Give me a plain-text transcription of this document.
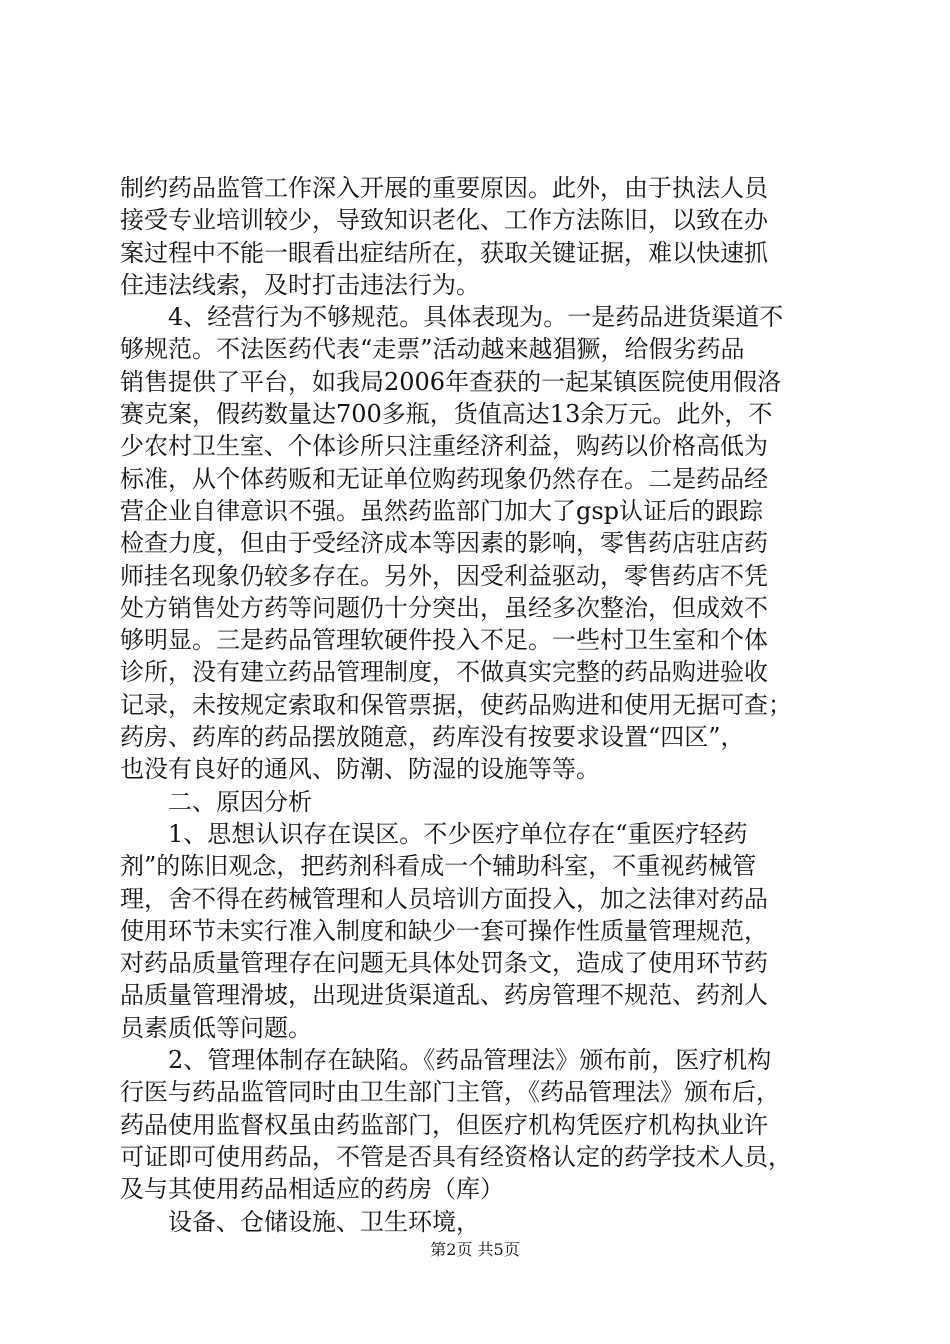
制约药品监管工作深入开展的重要原因。此外，由于执法人员
接受专业培训较少，导致知识老化、工作方法陈旧，以致在办
案过程中不能一眼看出症结所在，获取关键证据，难以快速抓
住违法线索，及时打击违法行为。
　　4、经营行为不够规范。具体表现为。一是药品进货渠道不
够规范。不法医药代表“走票”活动越来越猖獗，给假劣药品
销售提供了平台，如我局2006年查获的一起某镇医院使用假洛
赛克案，假药数量达700多瓶，货值高达13余万元。此外，不
少农村卫生室、个体诊所只注重经济利益，购药以价格高低为
标准，从个体药贩和无证单位购药现象仍然存在。二是药品经
营企业自律意识不强。虽然药监部门加大了gsp认证后的跟踪
检查力度，但由于受经济成本等因素的影响，零售药店驻店药
师挂名现象仍较多存在。另外，因受利益驱动，零售药店不凭
处方销售处方药等问题仍十分突出，虽经多次整治，但成效不
够明显。三是药品管理软硬件投入不足。一些村卫生室和个体
诊所，没有建立药品管理制度，不做真实完整的药品购进验收
记录，未按规定索取和保管票据，使药品购进和使用无据可查；
药房、药库的药品摆放随意，药库没有按要求设置“四区”，
也没有良好的通风、防潮、防湿的设施等等。
　　二、原因分析
　　1、思想认识存在误区。不少医疗单位存在“重医疗轻药
剂”的陈旧观念，把药剂科看成一个辅助科室，不重视药械管
理，舍不得在药械管理和人员培训方面投入，加之法律对药品
使用环节未实行准入制度和缺少一套可操作性质量管理规范，
对药品质量管理存在问题无具体处罚条文，造成了使用环节药
品质量管理滑坡，出现进货渠道乱、药房管理不规范、药剂人
员素质低等问题。
　　2、管理体制存在缺陷。《药品管理法》颁布前，医疗机构
行医与药品监管同时由卫生部门主管，《药品管理法》颁布后，
药品使用监督权虽由药监部门，但医疗机构凭医疗机构执业许
可证即可使用药品，不管是否具有经资格认定的药学技术人员，
及与其使用药品相适应的药房（库）
　　设备、仓储设施、卫生环境，
第2页 共5页
